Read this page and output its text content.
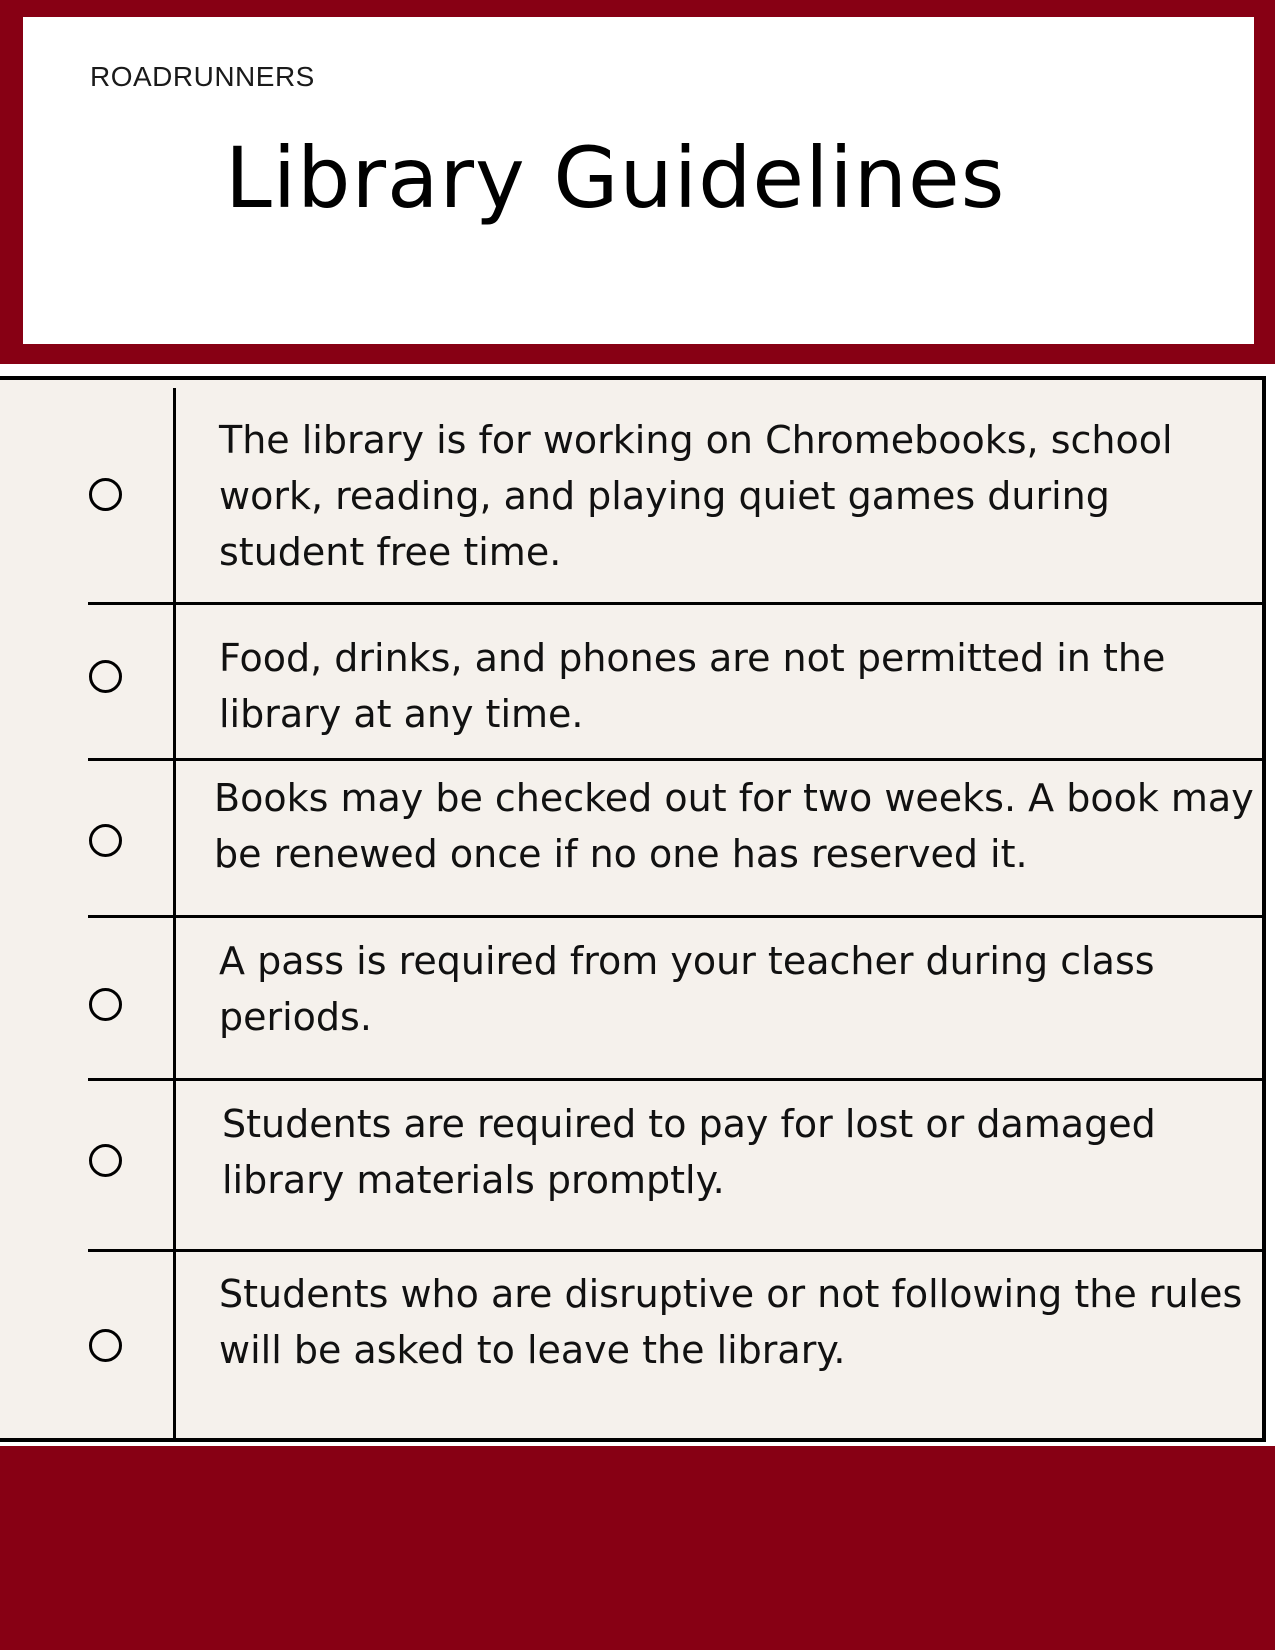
ROADRUNNERS
Library Guidelines
The library is for working on Chromebooks, school work, reading, and playing quiet games during student free time.
Food, drinks, and phones are not permitted in the library at any time.
Books may be checked out for two weeks. A book may be renewed once if no one has reserved it.
A pass is required from your teacher during class periods.
Students are required to pay for lost or damaged library materials promptly.
Students who are disruptive or not following the rules will be asked to leave the library.
